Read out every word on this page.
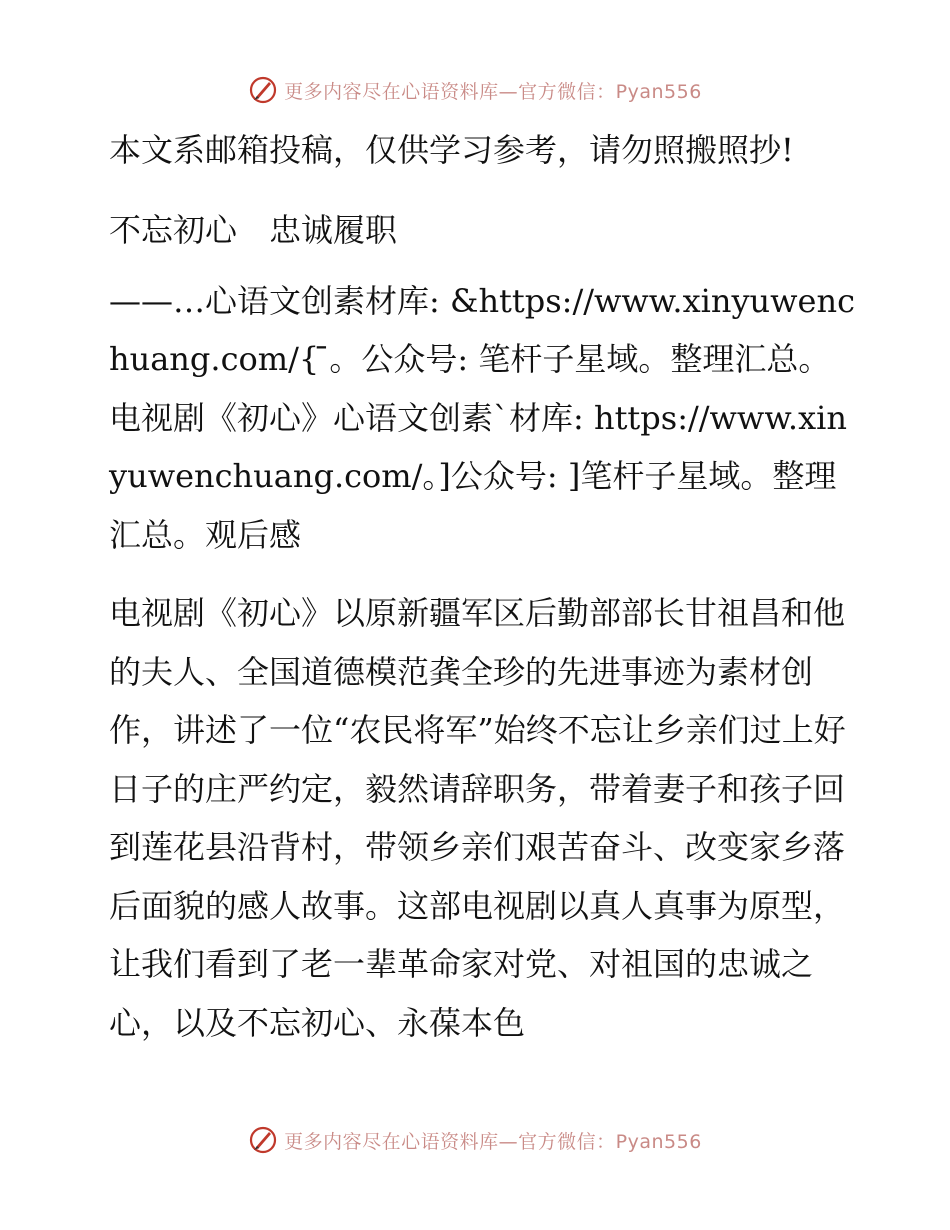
更多内容尽在心语资料库—官方微信：Pyan556

本文系邮箱投稿，仅供学习参考，请勿照搬照抄!

不忘初心　忠诚履职

——…心语文创素材库: &https://www.xinyuwenchuang.com/{ ̄。公众号: 笔杆子星域。整理汇总。电视剧《初心》心语文创素`材库: https://www.xinyuwenchuang.com/。]公众号: ]笔杆子星域。整理汇总。观后感

电视剧《初心》以原新疆军区后勤部部长甘祖昌和他的夫人、全国道德模范龚全珍的先进事迹为素材创作，讲述了一位“农民将军”始终不忘让乡亲们过上好日子的庄严约定，毅然请辞职务，带着妻子和孩子回到莲花县沿背村，带领乡亲们艰苦奋斗、改变家乡落后面貌的感人故事。这部电视剧以真人真事为原型，让我们看到了老一辈革命家对党、对祖国的忠诚之心，以及不忘初心、永葆本色

更多内容尽在心语资料库—官方微信：Pyan556
